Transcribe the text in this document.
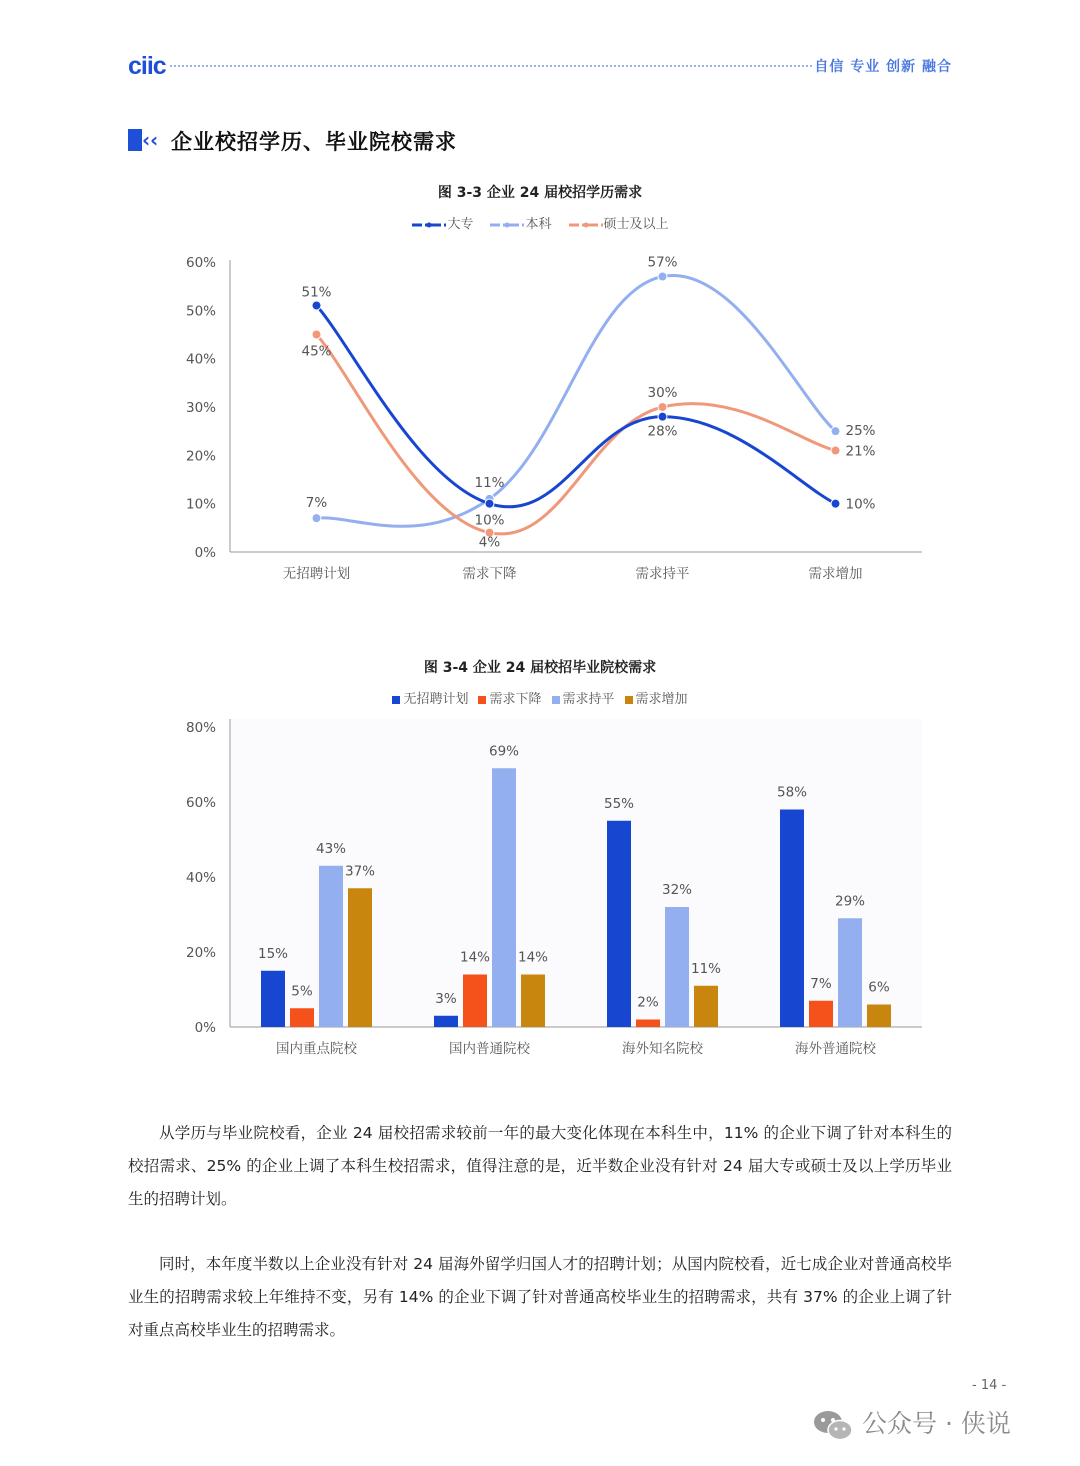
ciic	自信 专业 创新 融合
‹ ‹ 企业校招学历、毕业院校需求
图 3-3 企业 24 届校招学历需求
大专	本科	硕士及以上
0%
10%
20%
30%
40%
50%
60%
无招聘计划	需求下降	需求持平	需求增加
51%
10%
28%
10%
7%
11%
57%
25%
45%
4%
30%
21%
图 3-4 企业 24 届校招毕业院校需求
无招聘计划 需求下降 需求持平 需求增加
0%
20%
40%
60%
80%
国内重点院校
15%
5%
43%
37%
国内普通院校
3%
14%
69%
14%
海外知名院校
55%
2%
32%
11%
海外普通院校
58%
7%
29%
6%
从学历与毕业院校看，企业 24 届校招需求较前一年的最大变化体现在本科生中，11% 的企业下调了针对本科生的校招需求、25% 的企业上调了本科生校招需求，值得注意的是，近半数企业没有针对 24 届大专或硕士及以上学历毕业生的招聘计划。
同时，本年度半数以上企业没有针对 24 届海外留学归国人才的招聘计划；从国内院校看，近七成企业对普通高校毕业生的招聘需求较上年维持不变，另有 14% 的企业下调了针对普通高校毕业生的招聘需求，共有 37% 的企业上调了针对重点高校毕业生的招聘需求。
- 14 -
公众号 · 侠说
